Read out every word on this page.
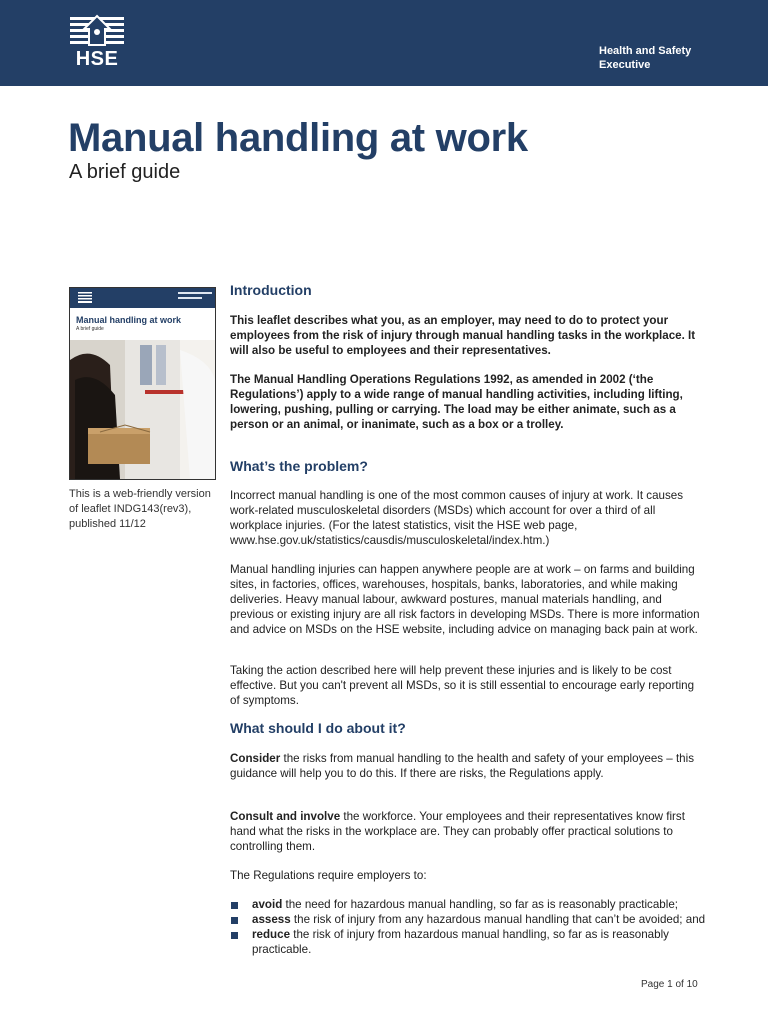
HSE	Health and Safety
Executive
Manual handling at work
A brief guide
Manual handling at work
A brief guide
This is a web-friendly version of leaflet INDG143(rev3), published 11/12
Introduction

This leaflet describes what you, as an employer, may need to do to protect your employees from the risk of injury through manual handling tasks in the workplace. It will also be useful to employees and their representatives.

The Manual Handling Operations Regulations 1992, as amended in 2002 (‘the Regulations’) apply to a wide range of manual handling activities, including lifting, lowering, pushing, pulling or carrying. The load may be either animate, such as a person or an animal, or inanimate, such as a box or a trolley.

What’s the problem?

Incorrect manual handling is one of the most common causes of injury at work. It causes work-related musculoskeletal disorders (MSDs) which account for over a third of all workplace injuries. (For the latest statistics, visit the HSE web page, www.hse.gov.uk/statistics/causdis/musculoskeletal/index.htm.)

Manual handling injuries can happen anywhere people are at work – on farms and building sites, in factories, offices, warehouses, hospitals, banks, laboratories, and while making deliveries. Heavy manual labour, awkward postures, manual materials handling, and previous or existing injury are all risk factors in developing MSDs. There is more information and advice on MSDs on the HSE website, including advice on managing back pain at work.

Taking the action described here will help prevent these injuries and is likely to be cost effective. But you can't prevent all MSDs, so it is still essential to encourage early reporting of symptoms.

What should I do about it?

Consider the risks from manual handling to the health and safety of your employees – this guidance will help you to do this. If there are risks, the Regulations apply.

Consult and involve the workforce. Your employees and their representatives know first hand what the risks in the workplace are. They can probably offer practical solutions to controlling them.

The Regulations require employers to:

avoid the need for hazardous manual handling, so far as is reasonably practicable;
assess the risk of injury from any hazardous manual handling that can’t be avoided; and
reduce the risk of injury from hazardous manual handling, so far as is reasonably practicable.
Page 1 of 10
